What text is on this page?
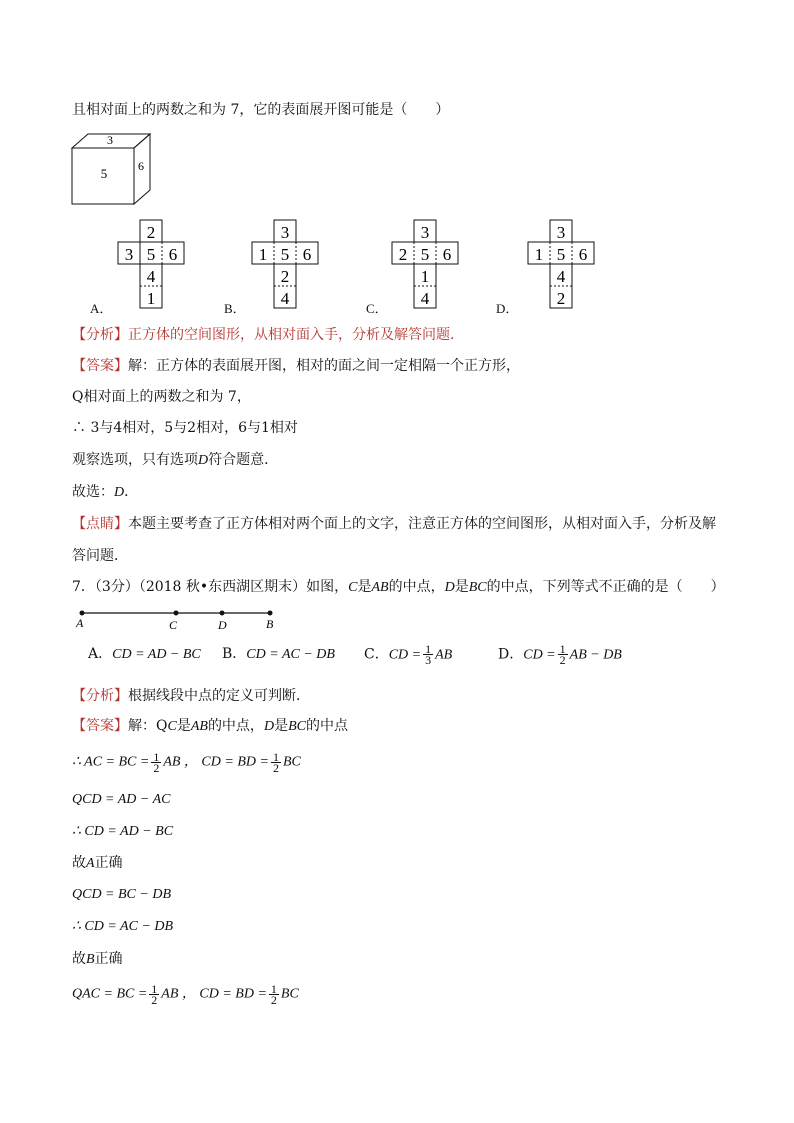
且相对面上的两数之和为 7，它的表面展开图可能是（　　）
3
5	6
2
3 5 6
4
1
3
1 5 6
2
4
3
2 5 6
1
4
3
1 5 6
4
2
A．	B．	C．	D．
【分析】正方体的空间图形，从相对面入手，分析及解答问题．
【答案】解：正方体的表面展开图，相对的面之间一定相隔一个正方形，
Q相对面上的两数之和为 7，
∴ 3与4相对，5与2相对，6与1相对
观察选项，只有选项D符合题意．
故选：D．
【点睛】本题主要考查了正方体相对两个面上的文字，注意正方体的空间图形，从相对面入手，分析及解
答问题．
7．（3分）（2018 秋•东西湖区期末）如图，C是AB的中点，D是BC的中点，下列等式不正确的是（　　）
A	C	D	B
A．CD = AD − BC B．CD = AC − DB C．CD = $\frac{1}{3}$ AB	D．CD = $\frac{1}{2}$ AB − DB
【分析】根据线段中点的定义可判断．
【答案】解：QC是AB的中点，D是BC的中点
∴ AC = BC = $\frac{1}{2}$ AB ， CD = BD = $\frac{1}{2}$ BC
QCD = AD − AC
∴ CD = AD − BC
故A正确
QCD = BC − DB
∴ CD = AC − DB
故B正确
QAC = BC = $\frac{1}{2}$ AB ， CD = BD = $\frac{1}{2}$ BC
